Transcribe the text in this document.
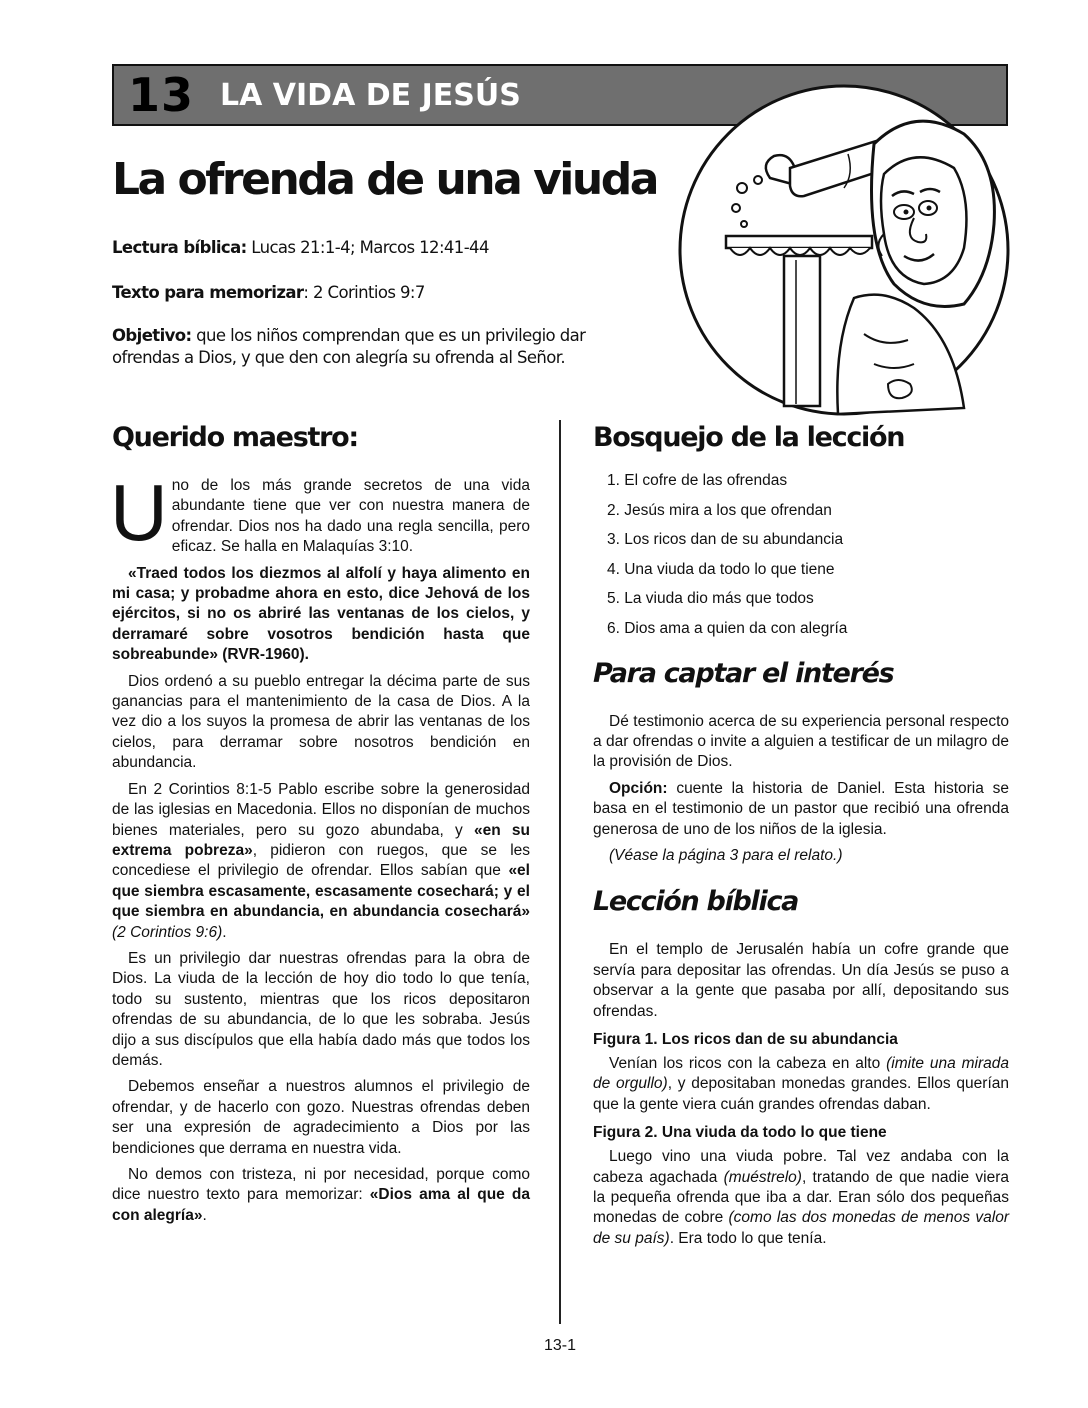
13 LA VIDA DE JESÚS
La ofrenda de una viuda
Lectura bíblica: Lucas 21:1-4; Marcos 12:41-44
Texto para memorizar: 2 Corintios 9:7
Objetivo: que los niños comprendan que es un privilegio dar ofrendas a Dios, y que den con alegría su ofrenda al Señor.
Querido maestro:

Uno de los más grande secretos de una vida abundante tiene que ver con nuestra manera de ofrendar. Dios nos ha dado una regla sencilla, pero eficaz. Se halla en Malaquías 3:10.

«Traed todos los diezmos al alfolí y haya alimento en mi casa; y probadme ahora en esto, dice Jehová de los ejércitos, si no os abriré las ventanas de los cielos, y derramaré sobre vosotros bendición hasta que sobreabunde» (RVR-1960).

Dios ordenó a su pueblo entregar la décima parte de sus ganancias para el mantenimiento de la casa de Dios. A la vez dio a los suyos la promesa de abrir las ventanas de los cielos, para derramar sobre nosotros bendición en abundancia.

En 2 Corintios 8:1-5 Pablo escribe sobre la generosidad de las iglesias en Macedonia. Ellos no disponían de muchos bienes materiales, pero su gozo abundaba, y «en su extrema pobreza», pidieron con ruegos, que se les concediese el privilegio de ofrendar. Ellos sabían que «el que siembra escasamente, escasamente cosechará; y el que siembra en abundancia, en abundancia cosechará» (2 Corintios 9:6).

Es un privilegio dar nuestras ofrendas para la obra de Dios. La viuda de la lección de hoy dio todo lo que tenía, todo su sustento, mientras que los ricos depositaron ofrendas de su abundancia, de lo que les sobraba. Jesús dijo a sus discípulos que ella había dado más que todos los demás.

Debemos enseñar a nuestros alumnos el privilegio de ofrendar, y de hacerlo con gozo. Nuestras ofrendas deben ser una expresión de agradecimiento a Dios por las bendiciones que derrama en nuestra vida.

No demos con tristeza, ni por necesidad, porque como dice nuestro texto para memorizar: «Dios ama al que da con alegría».

Bosquejo de la lección
1. El cofre de las ofrendas
2. Jesús mira a los que ofrendan
3. Los ricos dan de su abundancia
4. Una viuda da todo lo que tiene
5. La viuda dio más que todos
6. Dios ama a quien da con alegría
Para captar el interés

Dé testimonio acerca de su experiencia personal respecto a dar ofrendas o invite a alguien a testificar de un milagro de la provisión de Dios.

Opción: cuente la historia de Daniel. Esta historia se basa en el testimonio de un pastor que recibió una ofrenda generosa de uno de los niños de la iglesia.

(Véase la página 3 para el relato.)

Lección bíblica

En el templo de Jerusalén había un cofre grande que servía para depositar las ofrendas. Un día Jesús se puso a observar a la gente que pasaba por allí, depositando sus ofrendas.

Figura 1. Los ricos dan de su abundancia

Venían los ricos con la cabeza en alto (imite una mirada de orgullo), y depositaban monedas grandes. Ellos querían que la gente viera cuán grandes ofrendas daban.

Figura 2. Una viuda da todo lo que tiene

Luego vino una viuda pobre. Tal vez andaba con la cabeza agachada (muéstrelo), tratando de que nadie viera la pequeña ofrenda que iba a dar. Eran sólo dos pequeñas monedas de cobre (como las dos monedas de menos valor de su país). Era todo lo que tenía.

13-1
